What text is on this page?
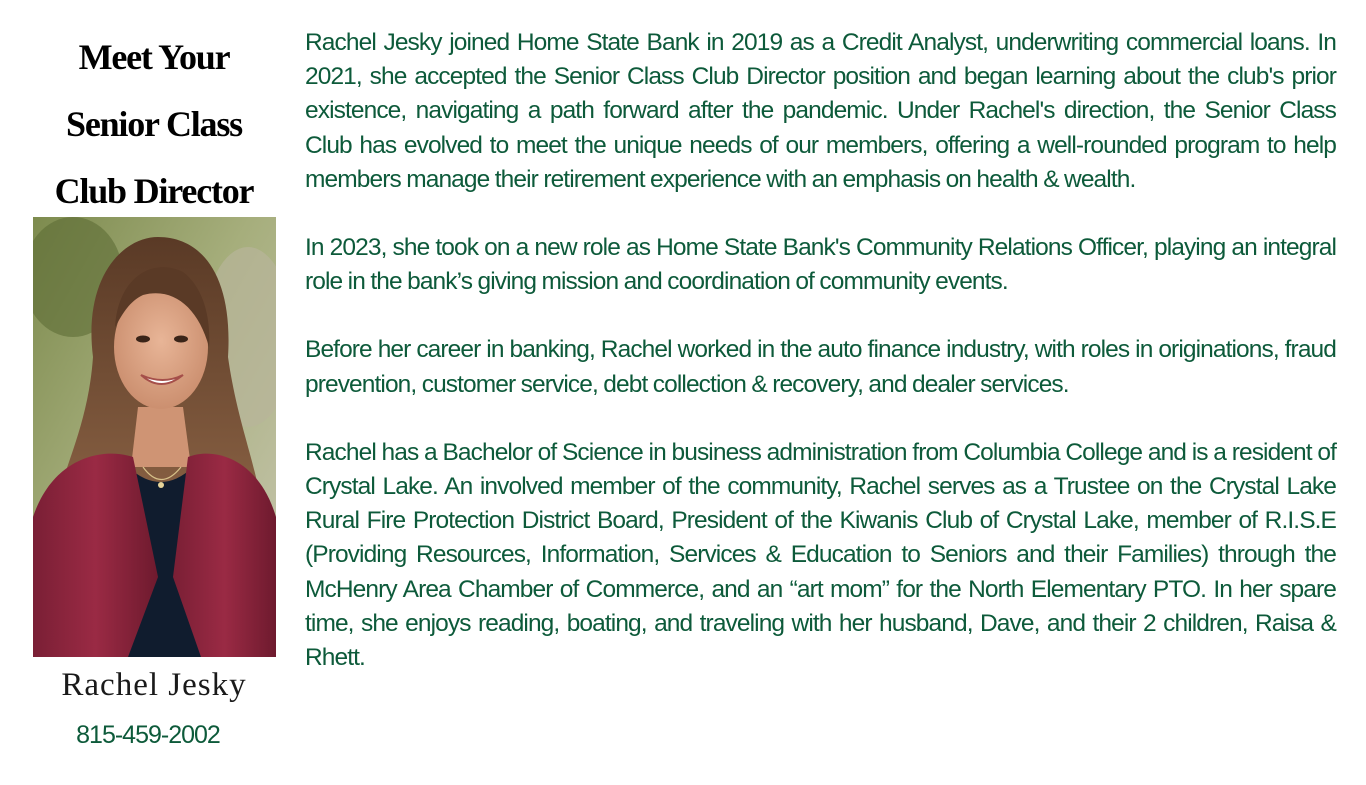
Meet Your
Senior Class
Club Director
Rachel Jesky
815-459-2002

Rachel Jesky joined Home State Bank in 2019 as a Credit Analyst, underwriting commercial loans. In 2021, she accepted the Senior Class Club Director position and began learning about the club's prior existence, navigating a path forward after the pandemic. Under Rachel's direction, the Senior Class Club has evolved to meet the unique needs of our members, offering a well-rounded program to help members manage their retirement experience with an emphasis on health & wealth.

In 2023, she took on a new role as Home State Bank's Community Relations Officer, playing an integral role in the bank’s giving mission and coordination of community events.

Before her career in banking, Rachel worked in the auto finance industry, with roles in originations, fraud prevention, customer service, debt collection & recovery, and dealer services.

Rachel has a Bachelor of Science in business administration from Columbia College and is a resident of Crystal Lake. An involved member of the community, Rachel serves as a Trustee on the Crystal Lake Rural Fire Protection District Board, President of the Kiwanis Club of Crystal Lake, member of R.I.S.E (Providing Resources, Information, Services & Education to Seniors and their Families) through the McHenry Area Chamber of Commerce, and an “art mom” for the North Elementary PTO. In her spare time, she enjoys reading, boating, and traveling with her husband, Dave, and their 2 children, Raisa & Rhett.
